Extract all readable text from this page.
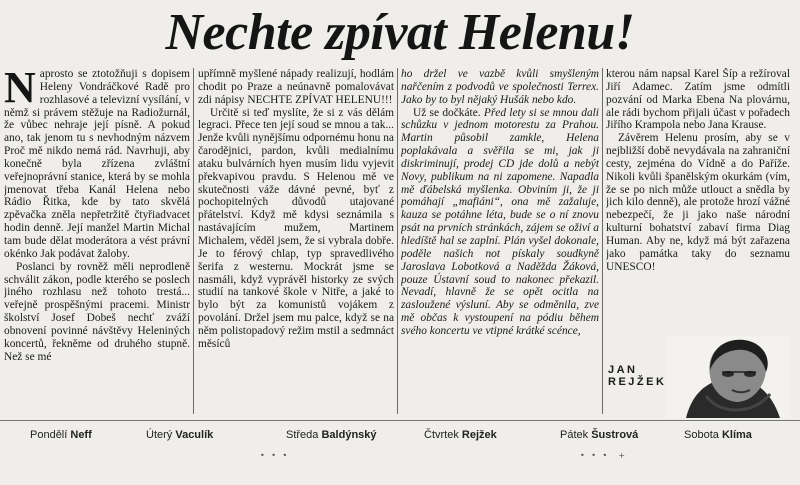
Nechte zpívat Helenu!

Naprosto se ztotožňuji s dopisem Heleny Vondráčkové Radě pro rozhlasové a televizní vysílání, v němž si právem stěžuje na Radiožurnál, že vůbec nehraje její písně. A pokud ano, tak jenom tu s nevhodným názvem Proč mě nikdo nemá rád. Navrhuji, aby konečně byla zřízena zvláštní veřejnoprávní stanice, která by se mohla jmenovat třeba Kanál Helena nebo Rádio Řitka, kde by tato skvělá zpěvačka zněla nepřetržitě čtyřiadvacet hodin denně. Její manžel Martin Michal tam bude dělat moderátora a vést právní okénko Jak podávat žaloby.

Poslanci by rovněž měli neprodleně schválit zákon, podle kterého se poslech jiného rozhlasu než tohoto trestá... veřejně prospěšnými pracemi. Ministr školství Josef Dobeš nechť zváží obnovení povinné návštěvy Heleniných koncertů, řekněme od druhého stupně. Než se mé

upřímně myšlené nápady realizují, hodlám chodit po Praze a neúnavně pomalovávat zdi nápisy NECHTE ZPÍVAT HELENU!!!

Určitě si teď myslíte, že si z vás dělám legraci. Přece ten její soud se mnou a tak... Jenže kvůli nynějšímu odpornému honu na čarodějnici, pardon, kvůli medialnímu ataku bulvárních hyen musím lidu vyjevit překvapivou pravdu. S Helenou mě ve skutečnosti váže dávné pevné, byť z pochopitelných důvodů utajované přátelství. Když mě kdysi seznámila s nastávajícím mužem, Martinem Michalem, věděl jsem, že si vybrala dobře. Je to férový chlap, typ spravedlivého šerifa z westernu. Mockrát jsme se nasmáli, když vyprávěl historky ze svých studií na tankové škole v Nitře, a jaké to bylo být za komunistů vojákem z povolání. Držel jsem mu palce, když se na něm polistopadový režim mstil a sedmnáct měsíců

ho držel ve vazbě kvůli smyšleným nařčením z podvodů ve společnosti Terrex. Jako by to byl nějaký Hušák nebo kdo.

Už se dočkáte. Před lety si se mnou dali schůzku v jednom motorestu za Prahou. Martin působil zamkle, Helena poplakávala a svěřila se mi, jak ji diskriminují, prodej CD jde dolů a nebýt Novy, publikum na ni zapomene. Napadla mě ďábelská myšlenka. Obviním ji, že ji pomáhají „mafiáni“, ona mě zažaluje, kauza se potáhne léta, bude se o ní znovu psát na prvních stránkách, zájem se oživí a hledíště hal se zaplní. Plán vyšel dokonale, poděle našich not pískaly soudkyně Jaroslava Lobotková a Naděžda Žáková, pouze Ústavní soud to nakonec překazil. Nevadí, hlavně že se opět ocitla na zasloužené výsluní. Aby se odměnila, zve mě občas k vystoupení na pódiu během svého koncertu ve vtipné krátké scénce,

kterou nám napsal Karel Šíp a režíroval Jiří Adamec. Zatím jsme odmítli pozvání od Marka Ebena Na plovárnu, ale rádi bychom přijali účast v pořadech Jiřího Krampola nebo Jana Krause.

Závěrem Helenu prosím, aby se v nejbližší době nevydávala na zahraniční cesty, zejména do Vídně a do Paříže. Nikoli kvůli španělským okurkám (vím, že se po nich může utlouct a snědla by jich kilo denně), ale protože hrozí vážné nebezpečí, že ji jako naše národní kulturní bohatství zabaví firma Diag Human. Aby ne, když má být zařazena jako památka taky do seznamu UNESCO!

JAN
REJŽEK
Pondělí Neff	Úterý Vaculík	Středa Baldýnský	Čtvrtek Rejžek	Pátek Šustrová	Sobota Klíma
• • •	• • •  +
